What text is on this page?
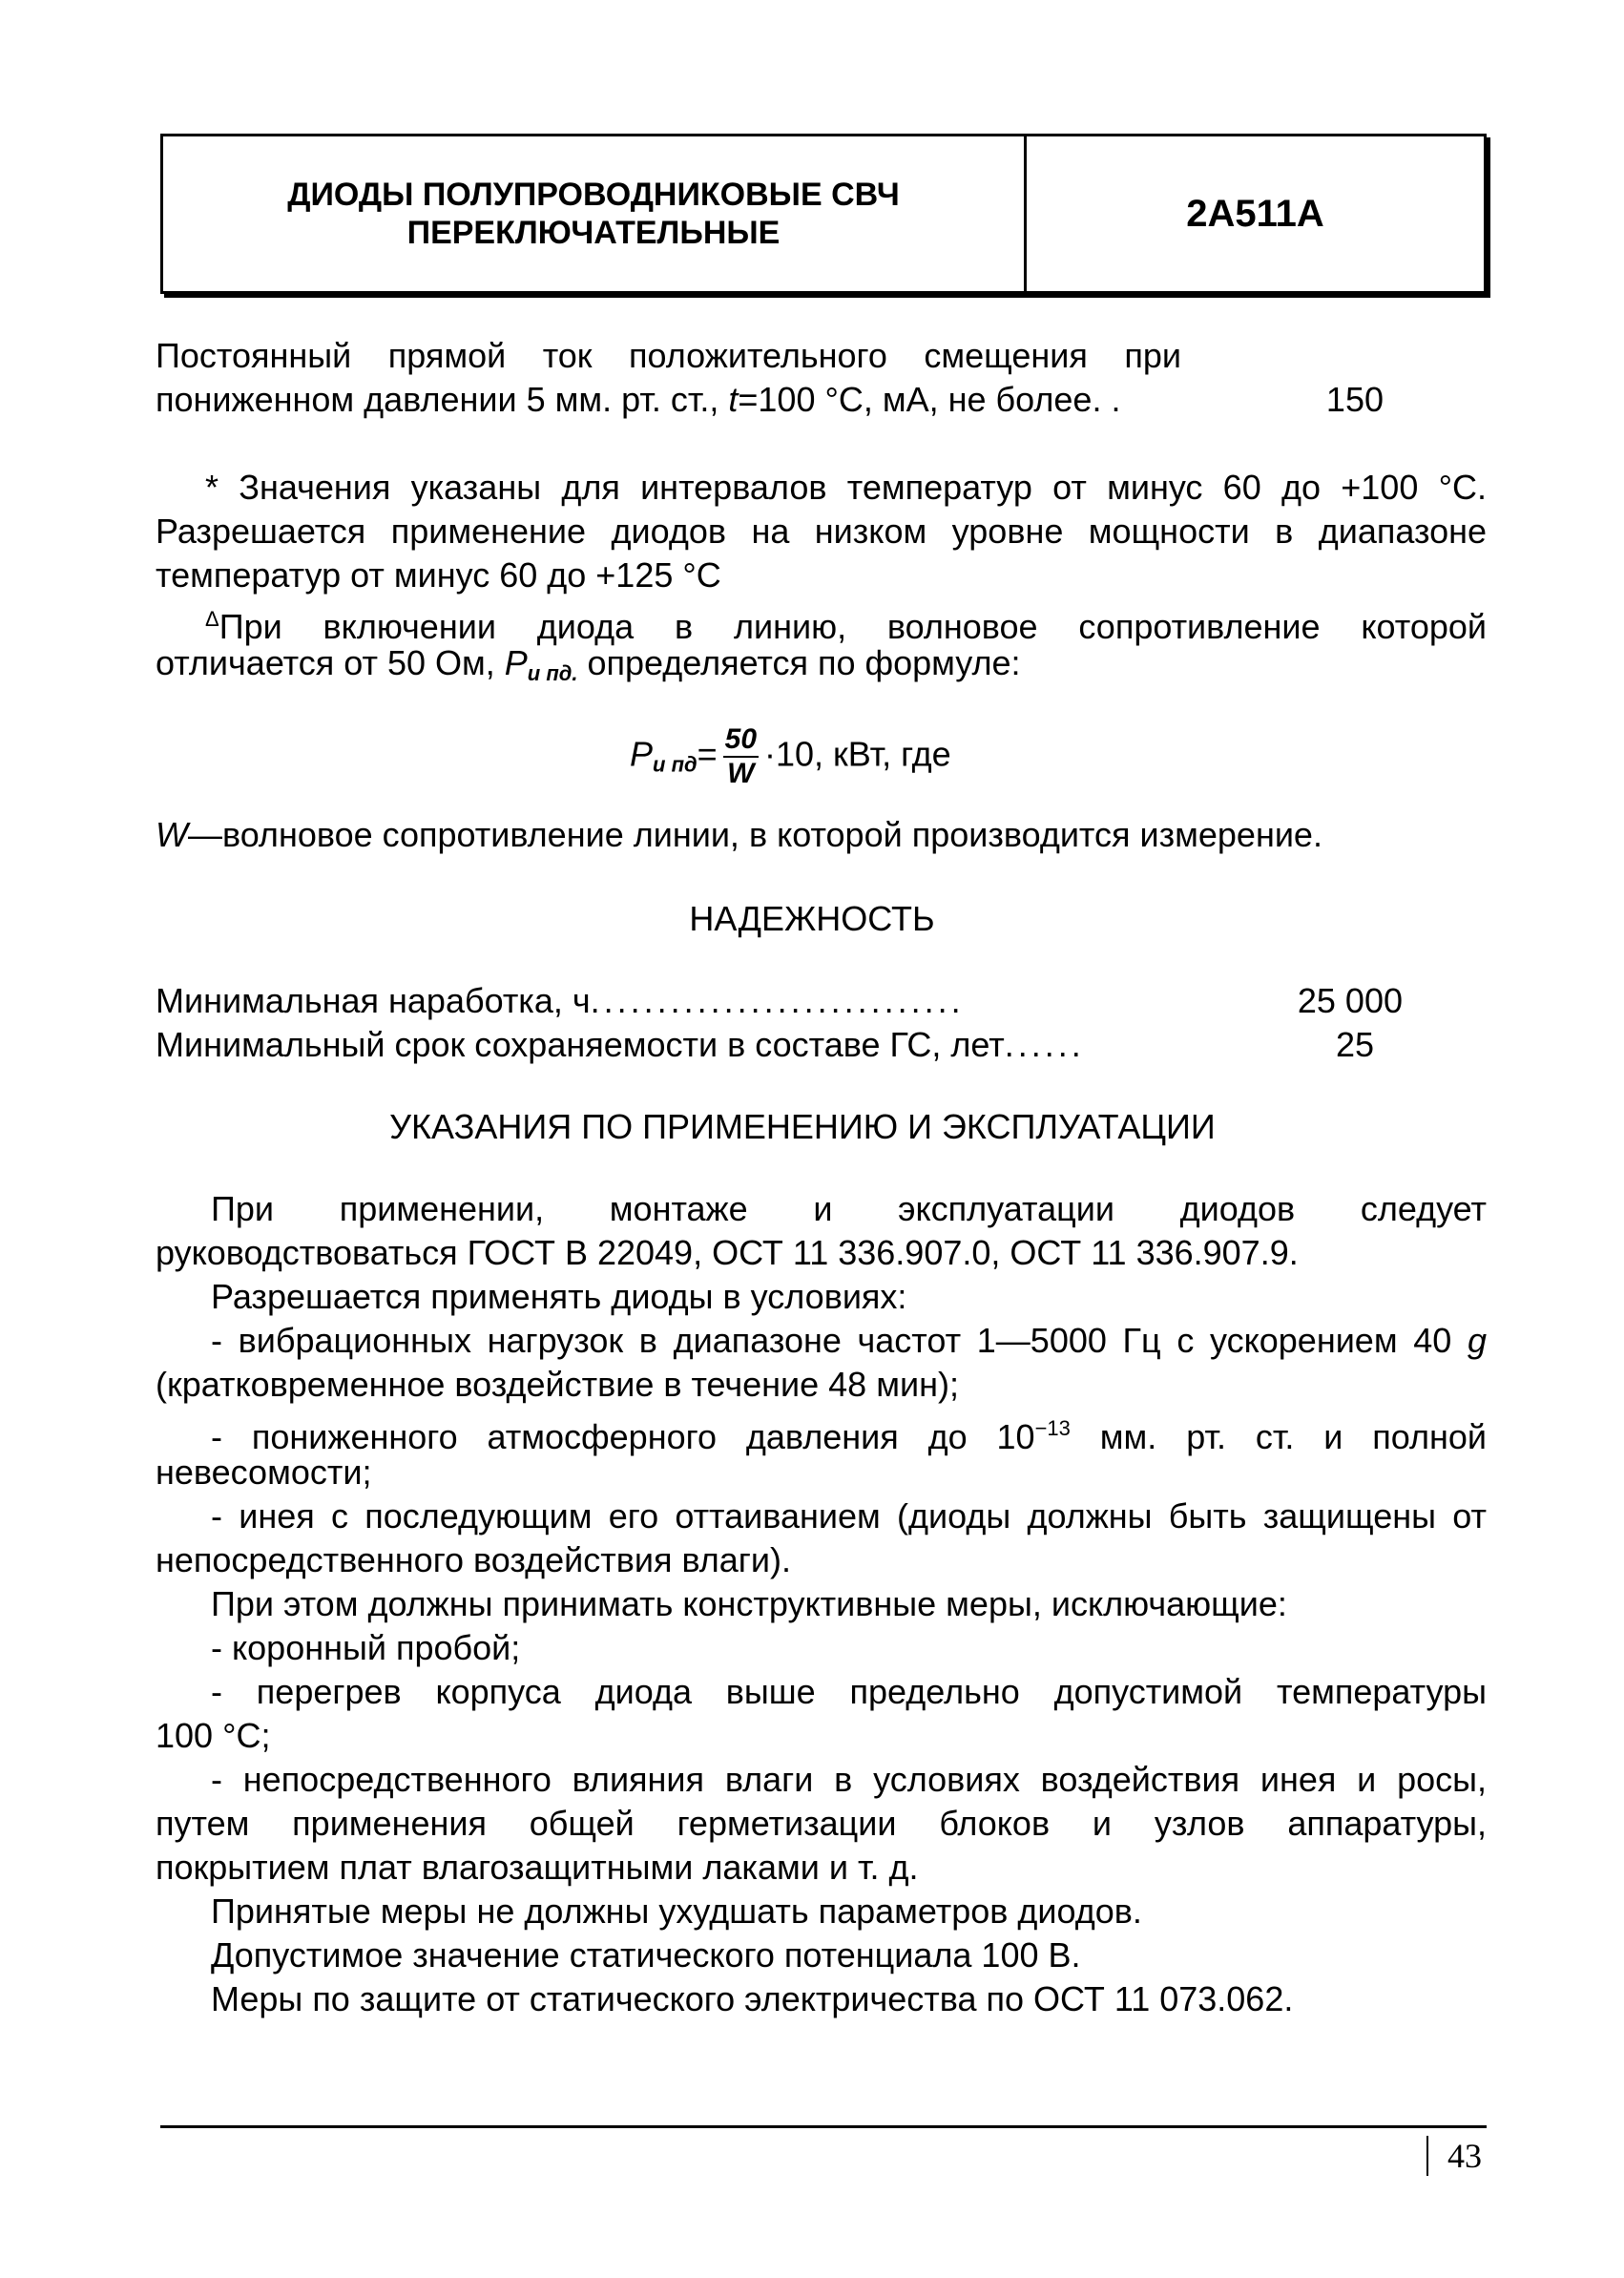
ДИОДЫ ПОЛУПРОВОДНИКОВЫЕ СВЧ
ПЕРЕКЛЮЧАТЕЛЬНЫЕ	2А511А
Постоянный прямой ток положительного смещения при
пониженном давлении 5 мм. рт. ст., t=100 °С, мА, не более. .	150
* Значения указаны для интервалов температур от минус 60 до +100 °С.
Разрешается применение диодов на низком уровне мощности в диапазоне
температур от минус 60 до +125 °С
$^\Delta$При включении диода в линию, волновое сопротивление которой
отличается от 50 Ом, $P_{и пд.}$ определяется по формуле:
$P_{и пд}= \frac{50}{W} \cdot 10$, кВт, где
W—волновое сопротивление линии, в которой производится измерение.
НАДЕЖНОСТЬ
Минимальная наработка, ч............................	25 000
Минимальный срок сохраняемости в составе ГС, лет......	25
УКАЗАНИЯ ПО ПРИМЕНЕНИЮ И ЭКСПЛУАТАЦИИ
При применении, монтаже и эксплуатации диодов следует
руководствоваться ГОСТ В 22049, ОСТ 11 336.907.0, ОСТ 11 336.907.9.
Разрешается применять диоды в условиях:
- вибрационных нагрузок в диапазоне частот 1—5000 Гц с ускорением 40 g
(кратковременное воздействие в течение 48 мин);
- пониженного атмосферного давления до $10^{-13}$ мм. рт. ст. и полной
невесомости;
- инея с последующим его оттаиванием (диоды должны быть защищены от
непосредственного воздействия влаги).
При этом должны принимать конструктивные меры, исключающие:
- коронный пробой;
- перегрев корпуса диода выше предельно допустимой температуры
100 °С;
- непосредственного влияния влаги в условиях воздействия инея и росы,
путем применения общей герметизации блоков и узлов аппаратуры,
покрытием плат влагозащитными лаками и т. д.
Принятые меры не должны ухудшать параметров диодов.
Допустимое значение статического потенциала 100 В.
Меры по защите от статического электричества по ОСТ 11 073.062.
43
